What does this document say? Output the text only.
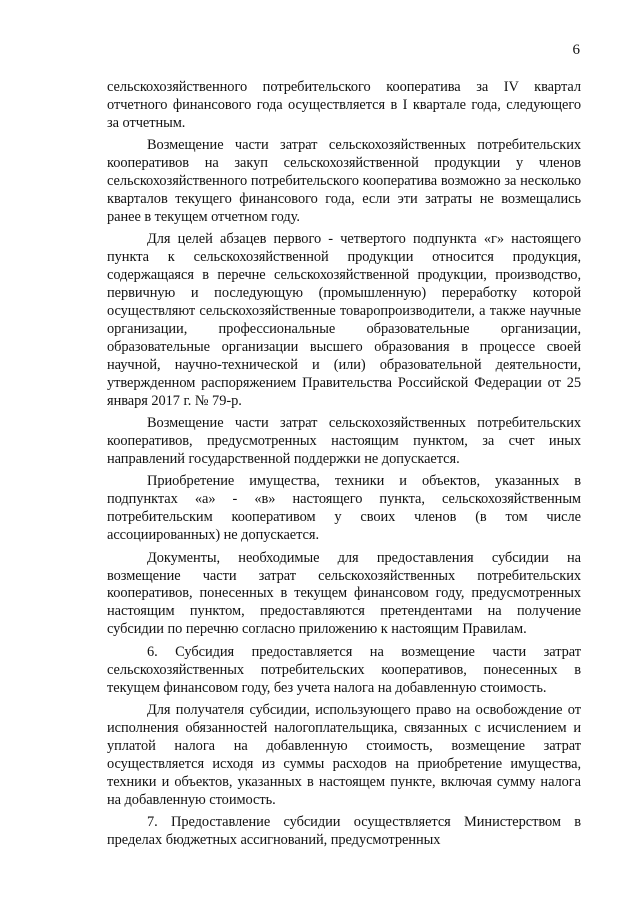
6

сельскохозяйственного потребительского кооператива за IV квартал отчетного финансового года осуществляется в I квартале года, следующего за отчетным.

Возмещение части затрат сельскохозяйственных потребительских кооперативов на закуп сельскохозяйственной продукции у членов сельскохозяйственного потребительского кооператива возможно за несколько кварталов текущего финансового года, если эти затраты не возмещались ранее в текущем отчетном году.

Для целей абзацев первого - четвертого подпункта «г» настоящего пункта к сельскохозяйственной продукции относится продукция, содержащаяся в перечне сельскохозяйственной продукции, производство, первичную и последующую (промышленную) переработку которой осуществляют сельскохозяйственные товаропроизводители, а также научные организации, профессиональные образовательные организации, образовательные организации высшего образования в процессе своей научной, научно-технической и (или) образовательной деятельности, утвержденном распоряжением Правительства Российской Федерации от 25 января 2017 г. № 79-р.

Возмещение части затрат сельскохозяйственных потребительских кооперативов, предусмотренных настоящим пунктом, за счет иных направлений государственной поддержки не допускается.

Приобретение имущества, техники и объектов, указанных в подпунктах «а» - «в» настоящего пункта, сельскохозяйственным потребительским кооперативом у своих членов (в том числе ассоциированных) не допускается.

Документы, необходимые для предоставления субсидии на возмещение части затрат сельскохозяйственных потребительских кооперативов, понесенных в текущем финансовом году, предусмотренных настоящим пунктом, предоставляются претендентами на получение субсидии по перечню согласно приложению к настоящим Правилам.

6. Субсидия предоставляется на возмещение части затрат сельскохозяйственных потребительских кооперативов, понесенных в текущем финансовом году, без учета налога на добавленную стоимость.

Для получателя субсидии, использующего право на освобождение от исполнения обязанностей налогоплательщика, связанных с исчислением и уплатой налога на добавленную стоимость, возмещение затрат осуществляется исходя из суммы расходов на приобретение имущества, техники и объектов, указанных в настоящем пункте, включая сумму налога на добавленную стоимость.

7. Предоставление субсидии осуществляется Министерством в пределах бюджетных ассигнований, предусмотренных
